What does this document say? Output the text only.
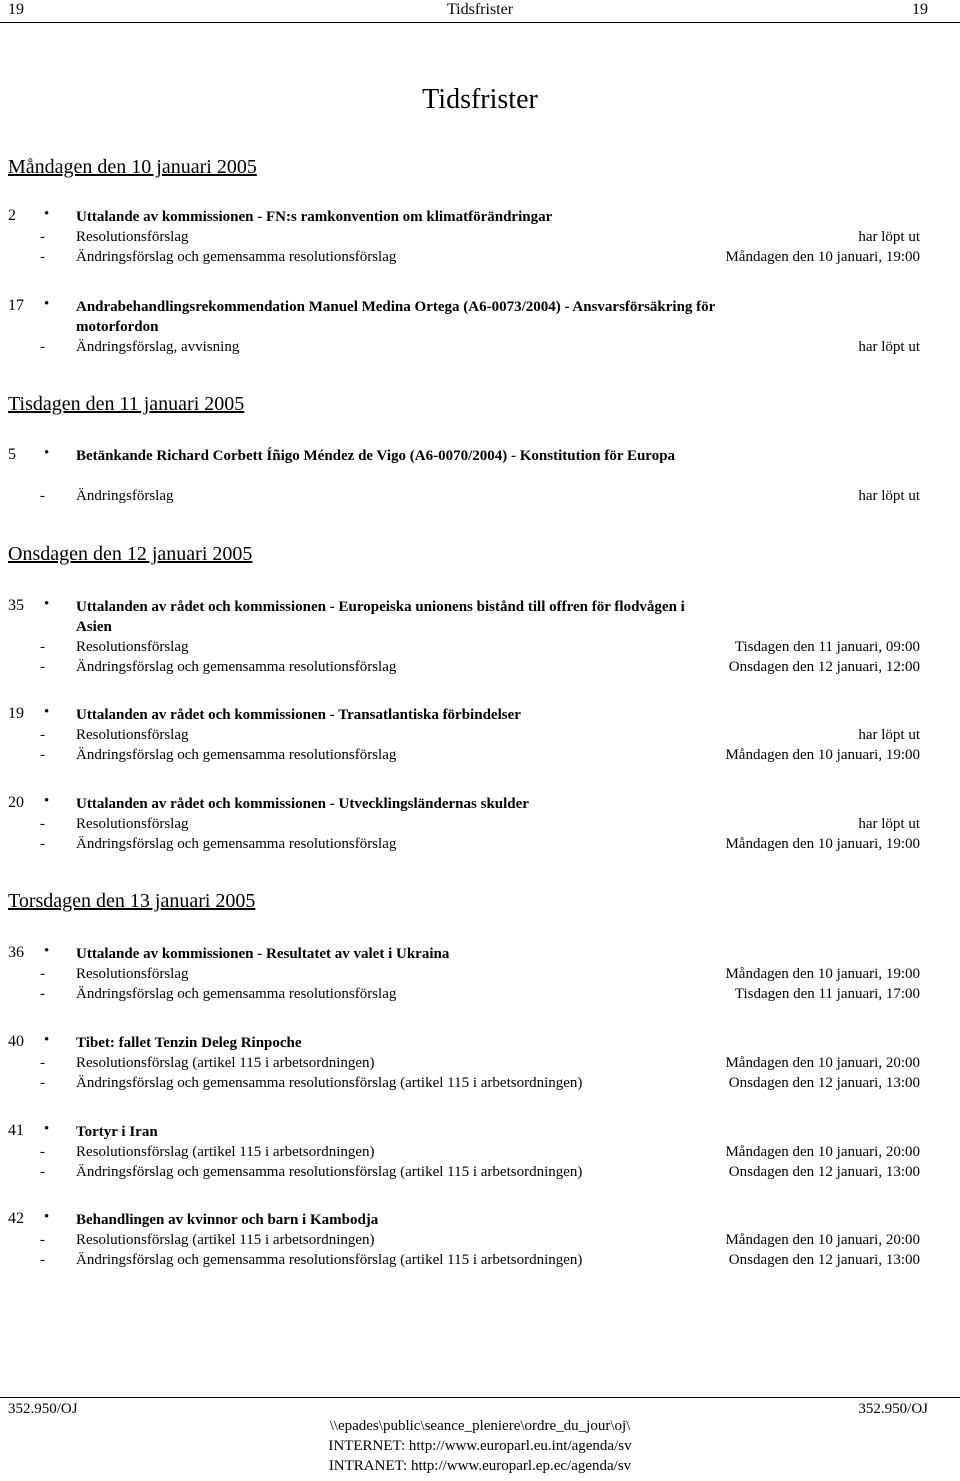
19	Tidsfrister	19
Tidsfrister
Måndagen den 10 januari 2005
2 • Uttalande av kommissionen - FN:s ramkonvention om klimatförändringar
- Resolutionsförslag	har löpt ut
- Ändringsförslag och gemensamma resolutionsförslag	Måndagen den 10 januari, 19:00
17 • Andrabehandlingsrekommendation Manuel Medina Ortega (A6-0073/2004) - Ansvarsförsäkring för motorfordon
- Ändringsförslag, avvisning	har löpt ut
Tisdagen den 11 januari 2005
5 • Betänkande Richard Corbett Íñigo Méndez de Vigo (A6-0070/2004) - Konstitution för Europa
- Ändringsförslag	har löpt ut
Onsdagen den 12 januari 2005
35 • Uttalanden av rådet och kommissionen - Europeiska unionens bistånd till offren för flodvågen i Asien
- Resolutionsförslag	Tisdagen den 11 januari, 09:00
- Ändringsförslag och gemensamma resolutionsförslag	Onsdagen den 12 januari, 12:00
19 • Uttalanden av rådet och kommissionen - Transatlantiska förbindelser
- Resolutionsförslag	har löpt ut
- Ändringsförslag och gemensamma resolutionsförslag	Måndagen den 10 januari, 19:00
20 • Uttalanden av rådet och kommissionen - Utvecklingsländernas skulder
- Resolutionsförslag	har löpt ut
- Ändringsförslag och gemensamma resolutionsförslag	Måndagen den 10 januari, 19:00
Torsdagen den 13 januari 2005
36 • Uttalande av kommissionen - Resultatet av valet i Ukraina
- Resolutionsförslag	Måndagen den 10 januari, 19:00
- Ändringsförslag och gemensamma resolutionsförslag	Tisdagen den 11 januari, 17:00
40 • Tibet: fallet Tenzin Deleg Rinpoche
- Resolutionsförslag (artikel 115 i arbetsordningen)	Måndagen den 10 januari, 20:00
- Ändringsförslag och gemensamma resolutionsförslag (artikel 115 i arbetsordningen)	Onsdagen den 12 januari, 13:00
41 • Tortyr i Iran
- Resolutionsförslag (artikel 115 i arbetsordningen)	Måndagen den 10 januari, 20:00
- Ändringsförslag och gemensamma resolutionsförslag (artikel 115 i arbetsordningen)	Onsdagen den 12 januari, 13:00
42 • Behandlingen av kvinnor och barn i Kambodja
- Resolutionsförslag (artikel 115 i arbetsordningen)	Måndagen den 10 januari, 20:00
- Ändringsförslag och gemensamma resolutionsförslag (artikel 115 i arbetsordningen)	Onsdagen den 12 januari, 13:00
352.950/OJ	352.950/OJ
\\epades\public\seance_pleniere\ordre_du_jour\oj\
INTERNET: http://www.europarl.eu.int/agenda/sv
INTRANET: http://www.europarl.ep.ec/agenda/sv
